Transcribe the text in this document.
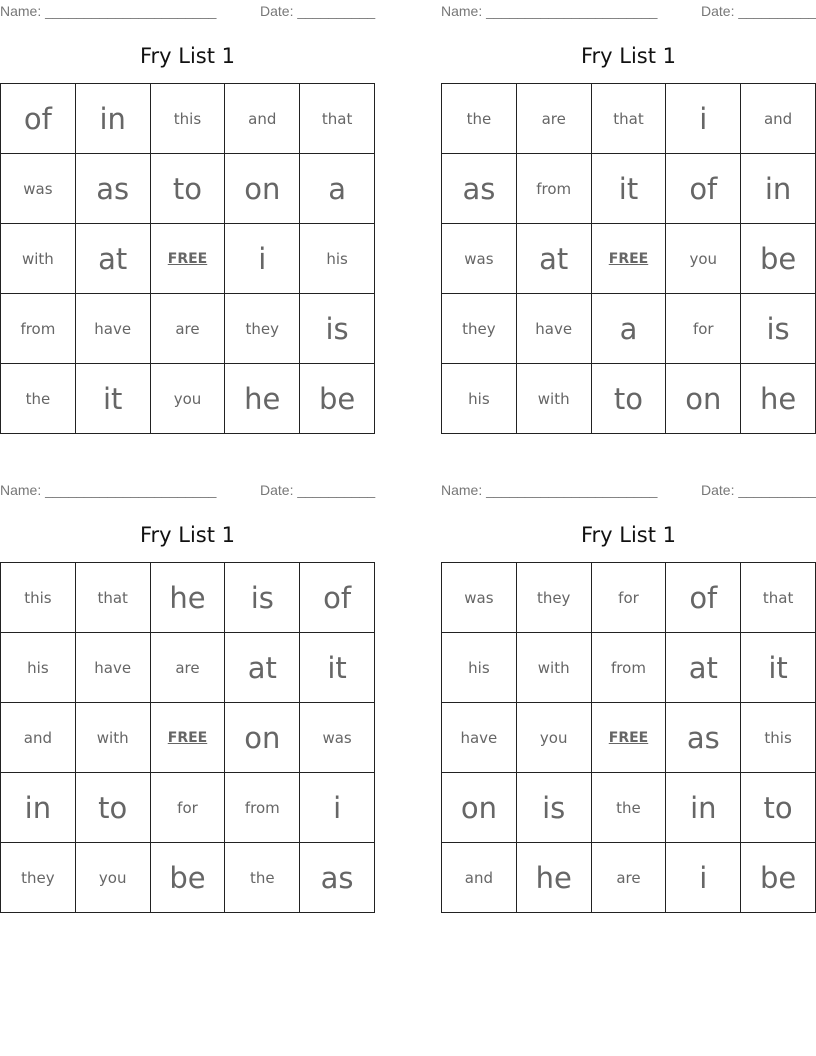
Name: ______________________	Date: __________
Fry List 1
of	in	this	and	that
was	as	to	on	a
with	at	FREE	i	his
from	have	are	they	is
the	it	you	he	be
Name: ______________________	Date: __________
Fry List 1
the	are	that	i	and
as	from	it	of	in
was	at	FREE	you	be
they	have	a	for	is
his	with	to	on	he
Name: ______________________	Date: __________
Fry List 1
this	that	he	is	of
his	have	are	at	it
and	with	FREE	on	was
in	to	for	from	i
they	you	be	the	as
Name: ______________________	Date: __________
Fry List 1
was	they	for	of	that
his	with	from	at	it
have	you	FREE	as	this
on	is	the	in	to
and	he	are	i	be
